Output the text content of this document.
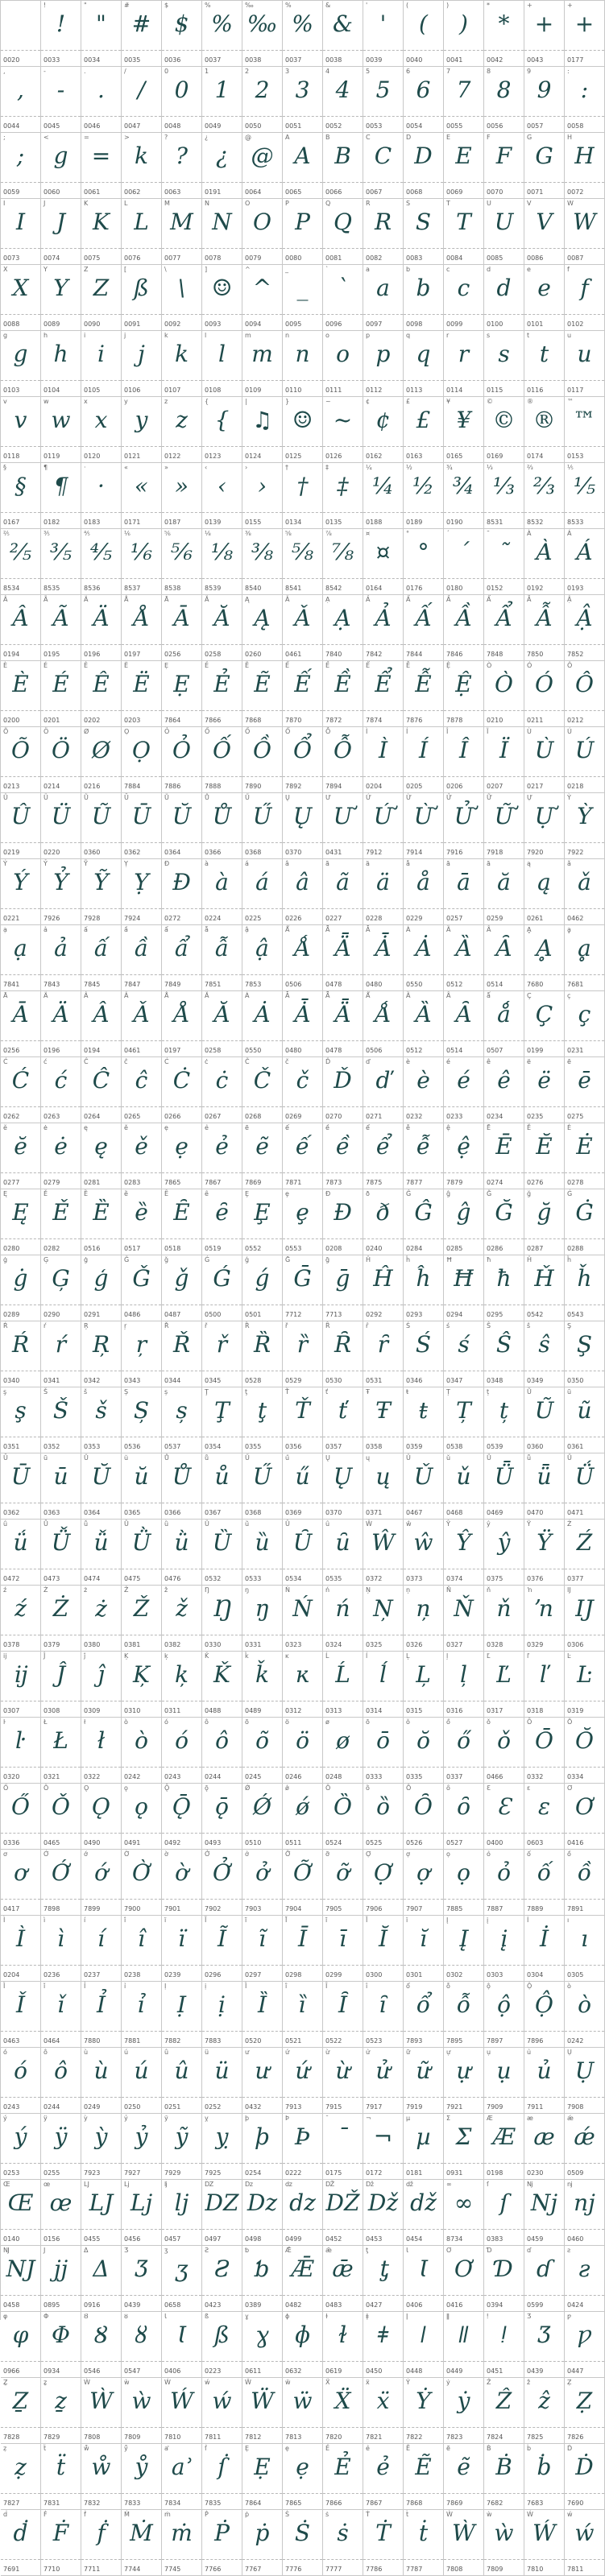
0020
!
!
0033
"
"
0034
#
#
0035
$
$
0036
%
%
0037
‰
‰
0038
%
%
0037
&
&
0038
'
'
0039
(
(
0040
)
)
0041
*
*
0042
+
+
0043
+
+
0177
,
,
0044
-
-
0045
.
.
0046
/
/
0047
0
0
0048
1
1
0049
2
2
0050
3
3
0051
4
4
0052
5
5
0053
6
6
0054
7
7
0055
8
8
0056
9
9
0057
:
:
0058
;
;
0059
<
g
0060
=
=
0061
>
k
0062
?
?
0063
¿
¿
0191
@
@
0064
A
A
0065
B
B
0066
C
C
0067
D
D
0068
E
E
0069
F
F
0070
G
G
0071
H
H
0072
I
I
0073
J
J
0074
K
K
0075
L
L
0076
M
M
0077
N
N
0078
O
O
0079
P
P
0080
Q
Q
0081
R
R
0082
S
S
0083
T
T
0084
U
U
0085
V
V
0086
W
W
0087
X
X
0088
Y
Y
0089
Z
Z
0090
[
ß
0091
\
\
0092
]
☺
0093
^
^
0094
_
_
0095
`
`
0096
a
a
0097
b
b
0098
c
c
0099
d
d
0100
e
e
0101
f
f
0102
g
g
0103
h
h
0104
i
i
0105
j
j
0106
k
k
0107
l
l
0108
m
m
0109
n
n
0110
o
o
0111
p
p
0112
q
q
0113
r
r
0114
s
s
0115
t
t
0116
u
u
0117
v
v
0118
w
w
0119
x
x
0120
y
y
0121
z
z
0122
{
{
0123
|
♫
0124
}
☺
0125
~
~
0126
¢
¢
0162
£
£
0163
¥
¥
0165
©
©
0169
®
®
0174
™
™
0153
§
§
0167
¶
¶
0182
·
·
0183
«
«
0171
»
»
0187
‹
‹
0139
›
›
0155
†
†
0134
‡
‡
0135
¼
¼
0188
½
½
0189
¾
¾
0190
⅓
⅓
8531
⅔
⅔
8532
⅕
⅕
8533
⅖
⅖
8534
⅗
⅗
8535
⅘
⅘
8536
⅙
⅙
8537
⅚
⅚
8538
⅛
⅛
8539
⅜
⅜
8540
⅝
⅝
8541
⅞
⅞
8542
¤
¤
0164
°
°
0176
´
´
0180
˜
˜
0152
À
À
0192
Á
Á
0193
Â
Â
0194
Ã
Ã
0195
Ä
Ä
0196
Å
Å
0197
Ā
Ā
0256
Ă
Ă
0258
Ą
Ą
0260
Ǎ
Ǎ
0461
Ạ
Ạ
7840
Ả
Ả
7842
Ấ
Ấ
7844
Ầ
Ầ
7846
Ẩ
Ẩ
7848
Ẫ
Ẫ
7850
Ậ
Ậ
7852
È
È
0200
É
É
0201
Ê
Ê
0202
Ë
Ë
0203
Ẹ
Ẹ
7864
Ẻ
Ẻ
7866
Ẽ
Ẽ
7868
Ế
Ế
7870
Ề
Ề
7872
Ể
Ể
7874
Ễ
Ễ
7876
Ệ
Ệ
7878
Ò
Ò
0210
Ó
Ó
0211
Ô
Ô
0212
Õ
Õ
0213
Ö
Ö
0214
Ø
Ø
0216
Ọ
Ọ
7884
Ỏ
Ỏ
7886
Ố
Ố
7888
Ồ
Ồ
7890
Ổ
Ổ
7892
Ỗ
Ỗ
7894
Ì
Ì
0204
Í
Í
0205
Î
Î
0206
Ï
Ï
0207
Ù
Ù
0217
Ú
Ú
0218
Û
Û
0219
Ü
Ü
0220
Ũ
Ũ
0360
Ū
Ū
0362
Ŭ
Ŭ
0364
Ů
Ů
0366
Ű
Ű
0368
Ų
Ų
0370
Ư
Ư
0431
Ứ
Ứ
7912
Ừ
Ừ
7914
Ử
Ử
7916
Ữ
Ữ
7918
Ự
Ự
7920
Ỳ
Ỳ
7922
Ý
Ý
0221
Ỷ
Ỷ
7926
Ỹ
Ỹ
7928
Ỵ
Ỵ
7924
Đ
Đ
0272
à
à
0224
á
á
0225
â
â
0226
ã
ã
0227
ä
ä
0228
å
å
0229
ā
ā
0257
ă
ă
0259
ą
ą
0261
ǎ
ǎ
0462
ạ
ạ
7841
ả
ả
7843
ấ
ấ
7845
ầ
ầ
7847
ẩ
ẩ
7849
ẫ
ẫ
7851
ậ
ậ
7853
Ǻ
Ǻ
0506
Ǟ
Ǟ
0478
Ǡ
Ǡ
0480
Ȧ
Ȧ
0550
Ȁ
Ȁ
0512
Ȃ
Ȃ
0514
Ḁ
Ḁ
7680
ḁ
ḁ
7681
Ā
Ā
0256
Ä
Ä
0196
Â
Â
0194
Ǎ
Ǎ
0461
Å
Å
0197
Ă
Ă
0258
Ȧ
Ȧ
0550
Ǡ
Ǡ
0480
Ǟ
Ǟ
0478
Ǻ
Ǻ
0506
Ȁ
Ȁ
0512
Ȃ
Ȃ
0514
ǻ
ǻ
0507
Ç
Ç
0199
ç
ç
0231
Ć
Ć
0262
ć
ć
0263
Ĉ
Ĉ
0264
ĉ
ĉ
0265
Ċ
Ċ
0266
ċ
ċ
0267
Č
Č
0268
č
č
0269
Ď
Ď
0270
ď
ď
0271
è
è
0232
é
é
0233
ê
ê
0234
ë
ë
0235
ē
ē
0275
ĕ
ĕ
0277
ė
ė
0279
ę
ę
0281
ě
ě
0283
ẹ
ẹ
7865
ẻ
ẻ
7867
ẽ
ẽ
7869
ế
ế
7871
ề
ề
7873
ể
ể
7875
ễ
ễ
7877
ệ
ệ
7879
Ē
Ē
0274
Ĕ
Ĕ
0276
Ė
Ė
0278
Ę
Ę
0280
Ě
Ě
0282
Ȅ
Ȅ
0516
ȅ
ȅ
0517
Ȇ
Ȇ
0518
ȇ
ȇ
0519
Ȩ
Ȩ
0552
ȩ
ȩ
0553
Ð
Ð
0208
ð
ð
0240
Ĝ
Ĝ
0284
ĝ
ĝ
0285
Ğ
Ğ
0286
ğ
ğ
0287
Ġ
Ġ
0288
ġ
ġ
0289
Ģ
Ģ
0290
ģ
ģ
0291
Ǧ
Ǧ
0486
ǧ
ǧ
0487
Ǵ
Ǵ
0500
ǵ
ǵ
0501
Ḡ
Ḡ
7712
ḡ
ḡ
7713
Ĥ
Ĥ
0292
ĥ
ĥ
0293
Ħ
Ħ
0294
ħ
ħ
0295
Ȟ
Ȟ
0542
ȟ
ȟ
0543
Ŕ
Ŕ
0340
ŕ
ŕ
0341
Ŗ
Ŗ
0342
ŗ
ŗ
0343
Ř
Ř
0344
ř
ř
0345
Ȑ
Ȑ
0528
ȑ
ȑ
0529
Ȓ
Ȓ
0530
ȓ
ȓ
0531
Ś
Ś
0346
ś
ś
0347
Ŝ
Ŝ
0348
ŝ
ŝ
0349
Ş
Ş
0350
ş
ş
0351
Š
Š
0352
š
š
0353
Ș
Ș
0536
ș
ș
0537
Ţ
Ţ
0354
ţ
ţ
0355
Ť
Ť
0356
ť
ť
0357
Ŧ
Ŧ
0358
ŧ
ŧ
0359
Ț
Ț
0538
ț
ț
0539
Ũ
Ũ
0360
ũ
ũ
0361
Ū
Ū
0362
ū
ū
0363
Ŭ
Ŭ
0364
ŭ
ŭ
0365
Ů
Ů
0366
ů
ů
0367
Ű
Ű
0368
ű
ű
0369
Ų
Ų
0370
ų
ų
0371
Ǔ
Ǔ
0467
ǔ
ǔ
0468
Ǖ
Ǖ
0469
ǖ
ǖ
0470
Ǘ
Ǘ
0471
ǘ
ǘ
0472
Ǚ
Ǚ
0473
ǚ
ǚ
0474
Ǜ
Ǜ
0475
ǜ
ǜ
0476
Ȕ
Ȕ
0532
ȕ
ȕ
0533
Ȗ
Ȗ
0534
ȗ
ȗ
0535
Ŵ
Ŵ
0372
ŵ
ŵ
0373
Ŷ
Ŷ
0374
ŷ
ŷ
0375
Ÿ
Ÿ
0376
Ź
Ź
0377
ź
ź
0378
Ż
Ż
0379
ż
ż
0380
Ž
Ž
0381
ž
ž
0382
Ŋ
Ŋ
0330
ŋ
ŋ
0331
Ń
Ń
0323
ń
ń
0324
Ņ
Ņ
0325
ņ
ņ
0326
Ň
Ň
0327
ň
ň
0328
ŉ
ŉ
0329
Ĳ
Ĳ
0306
ĳ
ĳ
0307
Ĵ
Ĵ
0308
ĵ
ĵ
0309
Ķ
Ķ
0310
ķ
ķ
0311
Ǩ
Ǩ
0488
ǩ
ǩ
0489
ĸ
ĸ
0312
Ĺ
Ĺ
0313
ĺ
ĺ
0314
Ļ
Ļ
0315
ļ
ļ
0316
Ľ
Ľ
0317
ľ
ľ
0318
Ŀ
Ŀ
0319
ŀ
ŀ
0320
Ł
Ł
0321
ł
ł
0322
ò
ò
0242
ó
ó
0243
ô
ô
0244
õ
õ
0245
ö
ö
0246
ø
ø
0248
ō
ō
0333
ŏ
ŏ
0335
ő
ő
0337
ǒ
ǒ
0466
Ō
Ō
0332
Ŏ
Ŏ
0334
Ő
Ő
0336
Ǒ
Ǒ
0465
Ǫ
Ǫ
0490
ǫ
ǫ
0491
Ǭ
Ǭ
0492
ǭ
ǭ
0493
Ǿ
Ǿ
0510
ǿ
ǿ
0511
Ȍ
Ȍ
0524
ȍ
ȍ
0525
Ȏ
Ȏ
0526
ȏ
ȏ
0527
Ɛ
Ɛ
0400
ɛ
ɛ
0603
Ơ
Ơ
0416
ơ
ơ
0417
Ớ
Ớ
7898
ớ
ớ
7899
Ờ
Ờ
7900
ờ
ờ
7901
Ở
Ở
7902
ở
ở
7903
Ỡ
Ỡ
7904
ỡ
ỡ
7905
Ợ
Ợ
7906
ợ
ợ
7907
ọ
ọ
7885
ỏ
ỏ
7887
ố
ố
7889
ồ
ồ
7891
Ì
Ì
0204
ì
ì
0236
í
í
0237
î
î
0238
ï
ï
0239
Ĩ
Ĩ
0296
ĩ
ĩ
0297
Ī
Ī
0298
ī
ī
0299
Ĭ
Ĭ
0300
ĭ
ĭ
0301
Į
Į
0302
į
į
0303
İ
İ
0304
ı
ı
0305
Ǐ
Ǐ
0463
ǐ
ǐ
0464
Ỉ
Ỉ
7880
ỉ
ỉ
7881
Ị
Ị
7882
ị
ị
7883
Ȉ
Ȉ
0520
ȉ
ȉ
0521
Ȋ
Ȋ
0522
ȋ
ȋ
0523
ổ
ổ
7893
ỗ
ỗ
7895
ộ
ộ
7897
Ộ
Ộ
7896
ò
ò
0242
ó
ó
0243
ô
ô
0244
ù
ù
0249
ú
ú
0250
û
û
0251
ü
ü
0252
ư
ư
0432
ứ
ứ
7913
ừ
ừ
7915
ử
ử
7917
ữ
ữ
7919
ự
ự
7921
ụ
ụ
7909
ủ
ủ
7911
Ụ
Ụ
7908
ý
ý
0253
ÿ
ÿ
0255
ỳ
ỳ
7923
ỷ
ỷ
7927
ỹ
ỹ
7929
ỵ
ỵ
7925
þ
þ
0254
Þ
Þ
0222
¯
¯
0175
¬
¬
0172
µ
µ
0181
Σ
Σ
0931
Æ
Æ
0198
æ
æ
0230
ǽ
ǽ
0509
Œ
Œ
0140
œ
œ
0156
Ǉ
LJ
0455
ǈ
Lj
0456
ǉ
lj
0457
Ǳ
DZ
0497
ǲ
Dz
0498
ǳ
dz
0499
Ǆ
DŽ
0452
ǅ
Dž
0453
ǆ
dž
0454
∞
∞
8734
ſ
ſ
0383
ǋ
Nj
0459
ǌ
nj
0460
Ǌ
NJ
0458
Ϳ
jj
0895
Δ
Δ
0916
Ʒ
Ʒ
0439
ʒ
ʒ
0658
Ƨ
Ƨ
0423
ƅ
ƅ
0389
Ǣ
Ǣ
0482
ǣ
ǣ
0483
ƫ
ƫ
0427
Ɩ
Ɩ
0406
Ơ
Ơ
0416
Ɗ
Ɗ
0394
ɗ
ɗ
0599
ƨ
ƨ
0424
φ
φ
0966
Φ
Φ
0934
Ȣ
Ȣ
0546
ȣ
ȣ
0547
Ɩ
Ɩ
0406
ß
ß
0223
ɣ
ɣ
0611
ɸ
ɸ
0632
ɫ
ɫ
0619
ǂ
ǂ
0450
ǀ
ǀ
0448
ǁ
ǁ
0449
ǃ
ǃ
0451
Ʒ
Ʒ
0439
ƿ
ƿ
0447
Ẕ
Ẕ
7828
ẕ
ẕ
7829
Ẁ
Ẁ
7808
ẁ
ẁ
7809
Ẃ
Ẃ
7810
ẃ
ẃ
7811
Ẅ
Ẅ
7812
ẅ
ẅ
7813
Ẍ
Ẍ
7820
ẍ
ẍ
7821
Ẏ
Ẏ
7822
ẏ
ẏ
7823
Ẑ
Ẑ
7824
ẑ
ẑ
7825
Ẓ
Ẓ
7826
ẓ
ẓ
7827
ẗ
ẗ
7831
ẘ
ẘ
7832
ẙ
ẙ
7833
ẚ
ẚ
7834
ẛ
ẛ
7835
Ẹ
Ẹ
7864
ẹ
ẹ
7865
Ẻ
Ẻ
7866
ẻ
ẻ
7867
Ẽ
Ẽ
7868
ẽ
ẽ
7869
Ḃ
Ḃ
7682
ḃ
ḃ
7683
Ḋ
Ḋ
7690
ḋ
ḋ
7691
Ḟ
Ḟ
7710
ḟ
ḟ
7711
Ṁ
Ṁ
7744
ṁ
ṁ
7745
Ṗ
Ṗ
7766
ṗ
ṗ
7767
Ṡ
Ṡ
7776
ṡ
ṡ
7777
Ṫ
Ṫ
7786
ṫ
ṫ
7787
Ẁ
Ẁ
7808
ẁ
ẁ
7809
Ẃ
Ẃ
7810
ẃ
ẃ
7811
